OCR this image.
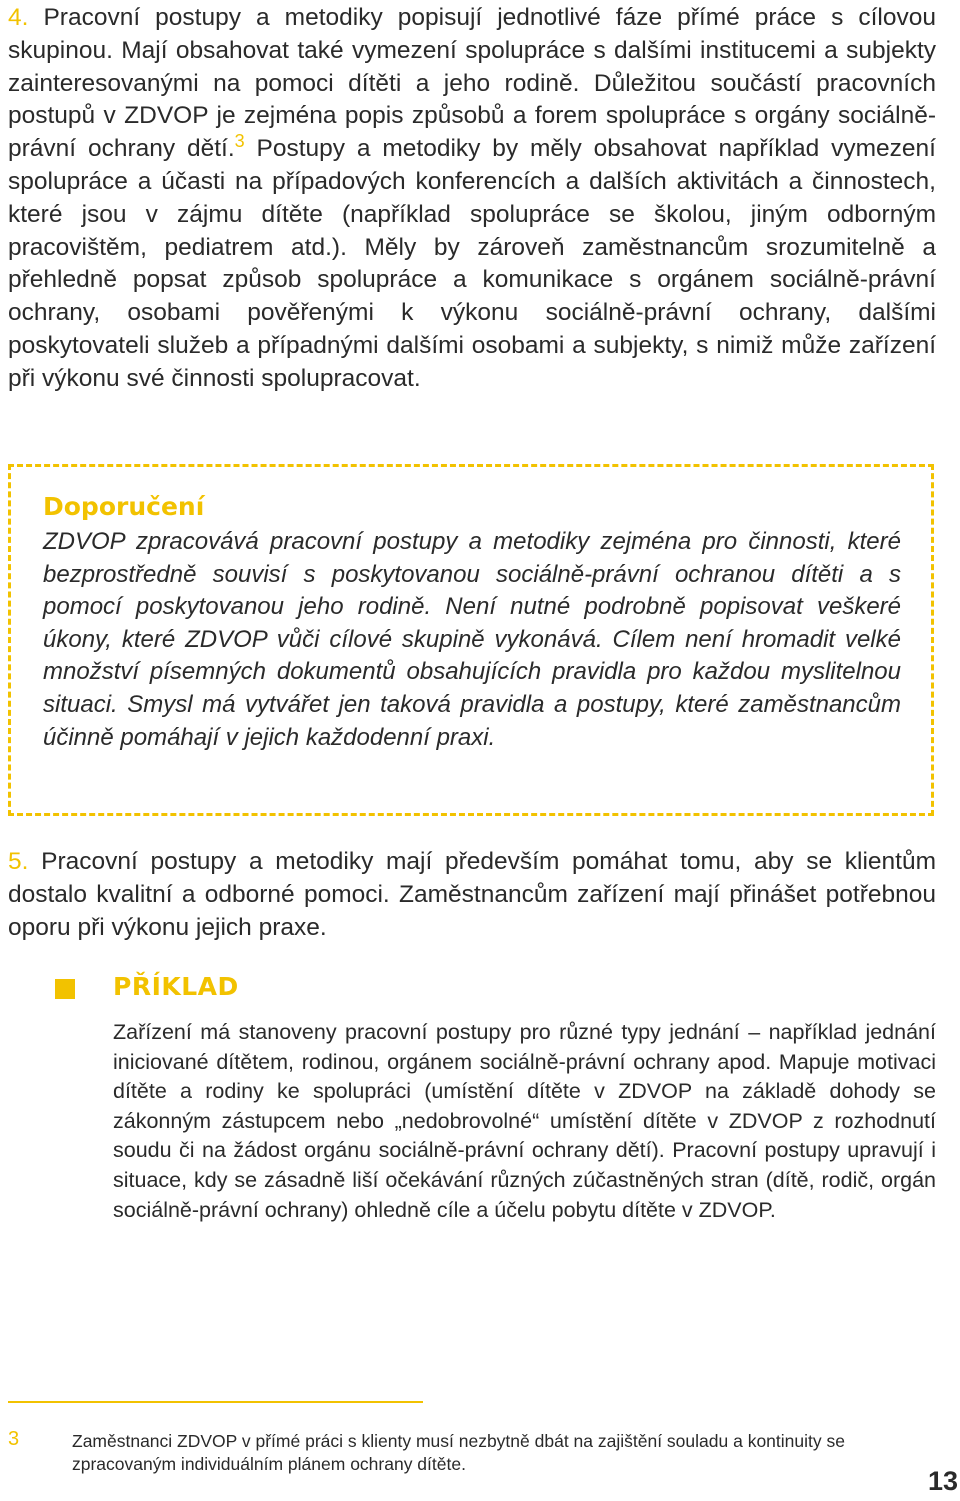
4. Pracovní postupy a metodiky popisují jednotlivé fáze přímé práce s cílovou skupinou. Mají obsahovat také vymezení spolupráce s dalšími institucemi a subjekty zainteresovanými na pomoci dítěti a jeho rodině. Důležitou součástí pracovních postupů v ZDVOP je zejména popis způsobů a forem spolupráce s orgány sociálně-právní ochrany dětí.$^3$ Postupy a metodiky by měly obsahovat například vymezení spolupráce a účasti na případových konferencích a dalších aktivitách a činnostech, které jsou v zájmu dítěte (například spolupráce se školou, jiným odborným pracovištěm, pediatrem atd.). Měly by zároveň zaměstnancům srozumitelně a přehledně popsat způsob spolupráce a komunikace s orgánem sociálně-právní ochrany, osobami pověřenými k výkonu sociálně-právní ochrany, dalšími poskytovateli služeb a případnými dalšími osobami a subjekty, s nimiž může zařízení při výkonu své činnosti spolupracovat.

Doporučení

ZDVOP zpracovává pracovní postupy a metodiky zejména pro činnosti, které bezprostředně souvisí s poskytovanou sociálně-právní ochranou dítěti a s pomocí poskytovanou jeho rodině. Není nutné podrobně popisovat veškeré úkony, které ZDVOP vůči cílové skupině vykonává. Cílem není hromadit velké množství písemných dokumentů obsahujících pravidla pro každou myslitelnou situaci. Smysl má vytvářet jen taková pravidla a postupy, které zaměstnancům účinně pomáhají v jejich každodenní praxi.

5. Pracovní postupy a metodiky mají především pomáhat tomu, aby se klientům dostalo kvalitní a odborné pomoci. Zaměstnancům zařízení mají přinášet potřebnou oporu při výkonu jejich praxe.

PŘÍKLAD

Zařízení má stanoveny pracovní postupy pro různé typy jednání – například jednání iniciované dítětem, rodinou, orgánem sociálně-právní ochrany apod. Mapuje motivaci dítěte a rodiny ke spolupráci (umístění dítěte v ZDVOP na základě dohody se zákonným zástupcem nebo „nedobrovolné“ umístění dítěte v ZDVOP z rozhodnutí soudu či na žádost orgánu sociálně-právní ochrany dětí). Pracovní postupy upravují i situace, kdy se zásadně liší očekávání různých zúčastněných stran (dítě, rodič, orgán sociálně-právní ochrany) ohledně cíle a účelu pobytu dítěte v ZDVOP.

3	Zaměstnanci ZDVOP v přímé práci s klienty musí nezbytně dbát na zajištění souladu a kontinuity se zpracovaným individuálním plánem ochrany dítěte.

13
